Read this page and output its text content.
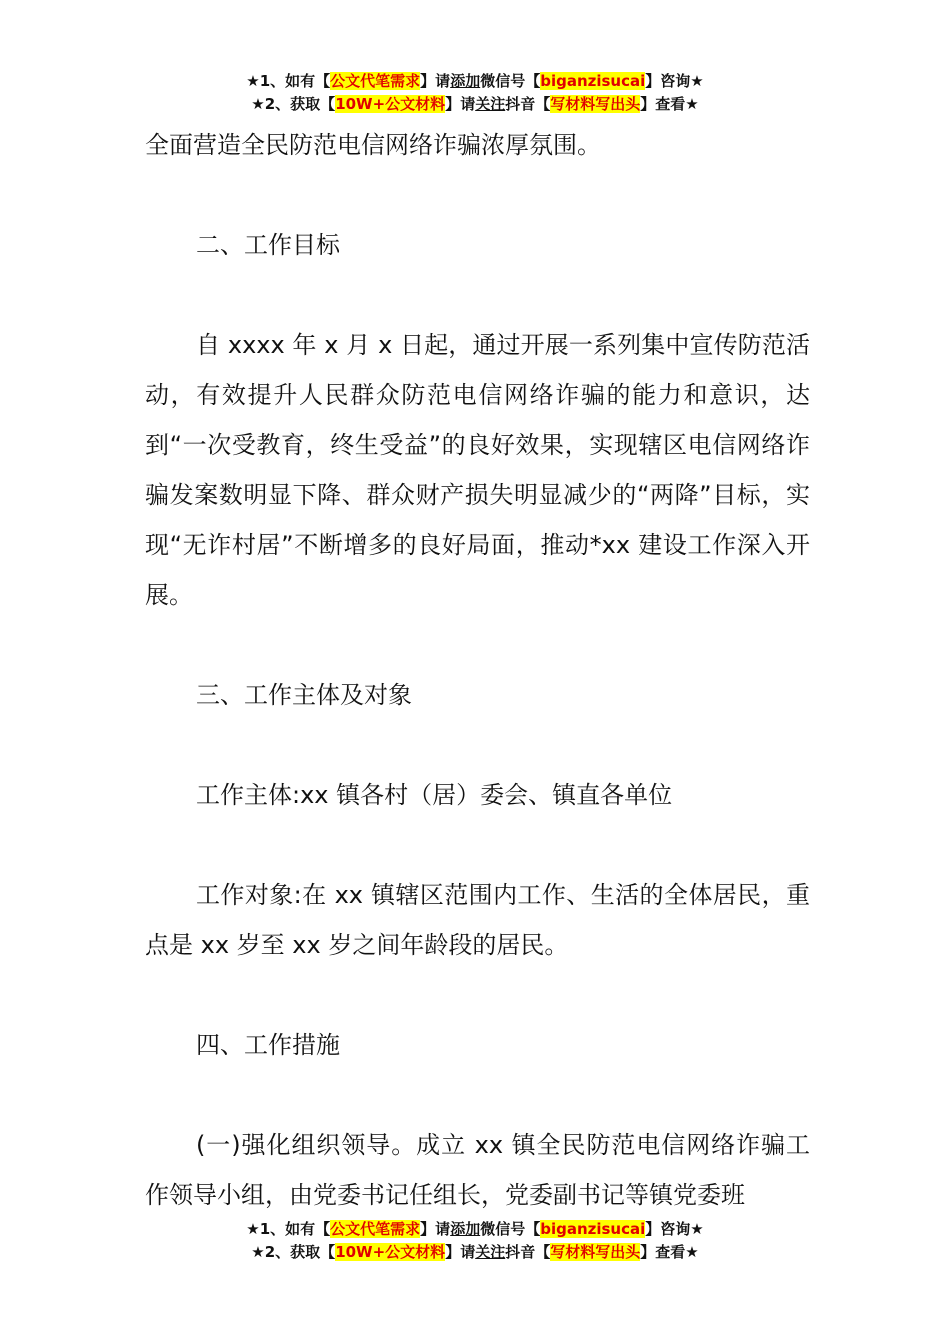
★1、如有【公文代笔需求】请添加微信号【biganzisucai】咨询★
★2、获取【10W+公文材料】请关注抖音【写材料写出头】查看★

全面营造全民防范电信网络诈骗浓厚氛围。

二、工作目标

自 xxxx 年 x 月 x 日起，通过开展一系列集中宣传防范活动，有效提升人民群众防范电信网络诈骗的能力和意识，达到“一次受教育，终生受益”的良好效果，实现辖区电信网络诈骗发案数明显下降、群众财产损失明显减少的“两降”目标，实现“无诈村居”不断增多的良好局面，推动*xx 建设工作深入开展。

三、工作主体及对象

工作主体:xx 镇各村（居）委会、镇直各单位

工作对象:在 xx 镇辖区范围内工作、生活的全体居民，重点是 xx 岁至 xx 岁之间年龄段的居民。

四、工作措施

(一)强化组织领导。成立 xx 镇全民防范电信网络诈骗工作领导小组，由党委书记任组长，党委副书记等镇党委班

★1、如有【公文代笔需求】请添加微信号【biganzisucai】咨询★
★2、获取【10W+公文材料】请关注抖音【写材料写出头】查看★
